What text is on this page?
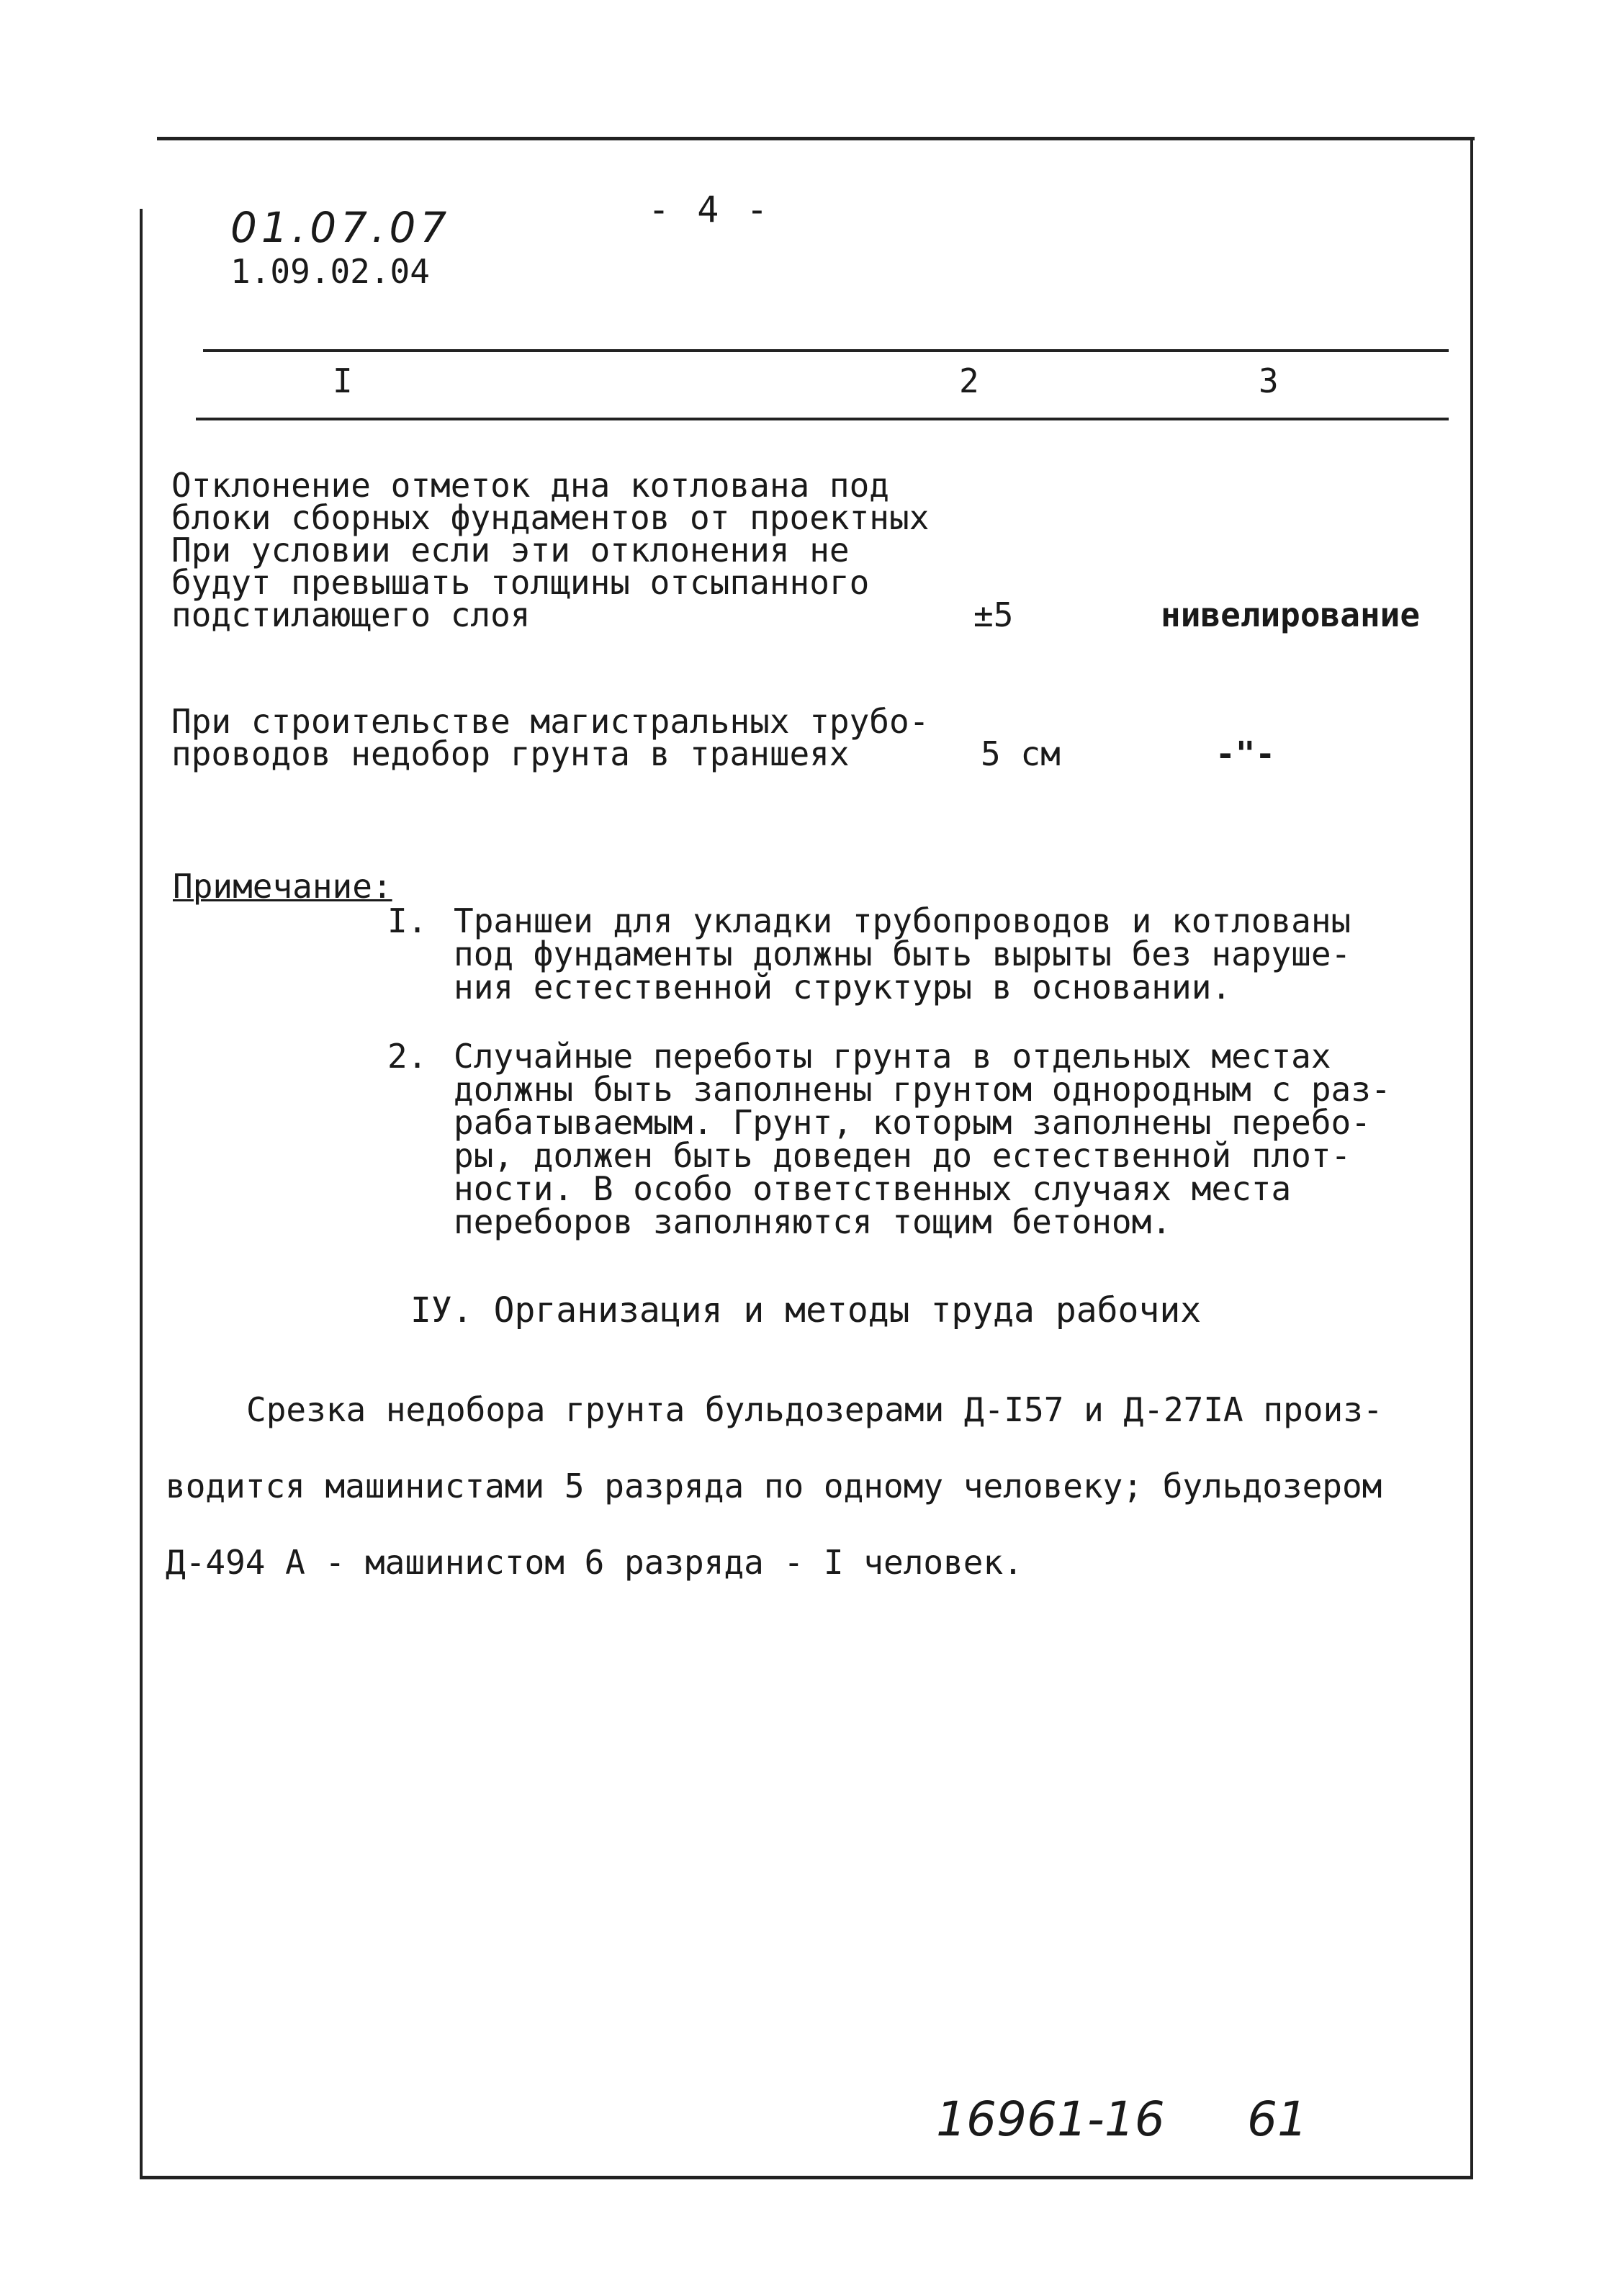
01.07.07
1.09.02.04
- 4 -
I	2	3
Отклонение отметок дна котлована под
блоки сборных фундаментов от проектных
При условии если эти отклонения не
будут превышать толщины отсыпанного
подстилающего слоя	±5	нивелирование
При строительстве магистральных трубо-
проводов недобор грунта в траншеях	5 см	-"-
Примечание:
I. Траншеи для укладки трубопроводов и котлованы
под фундаменты должны быть вырыты без наруше-
ния естественной структуры в основании.
2. Случайные переботы грунта в отдельных местах
должны быть заполнены грунтом однородным с раз-
рабатываемым. Грунт, которым заполнены перебо-
ры, должен быть доведен до естественной плот-
ности. В особо ответственных случаях места
переборов заполняются тощим бетоном.
IУ. Организация и методы труда рабочих
Срезка недобора грунта бульдозерами Д-I57 и Д-27IА произ-
водится машинистами 5 разряда по одному человеку; бульдозером
Д-494 А - машинистом 6 разряда - I человек.
16961-16 61
